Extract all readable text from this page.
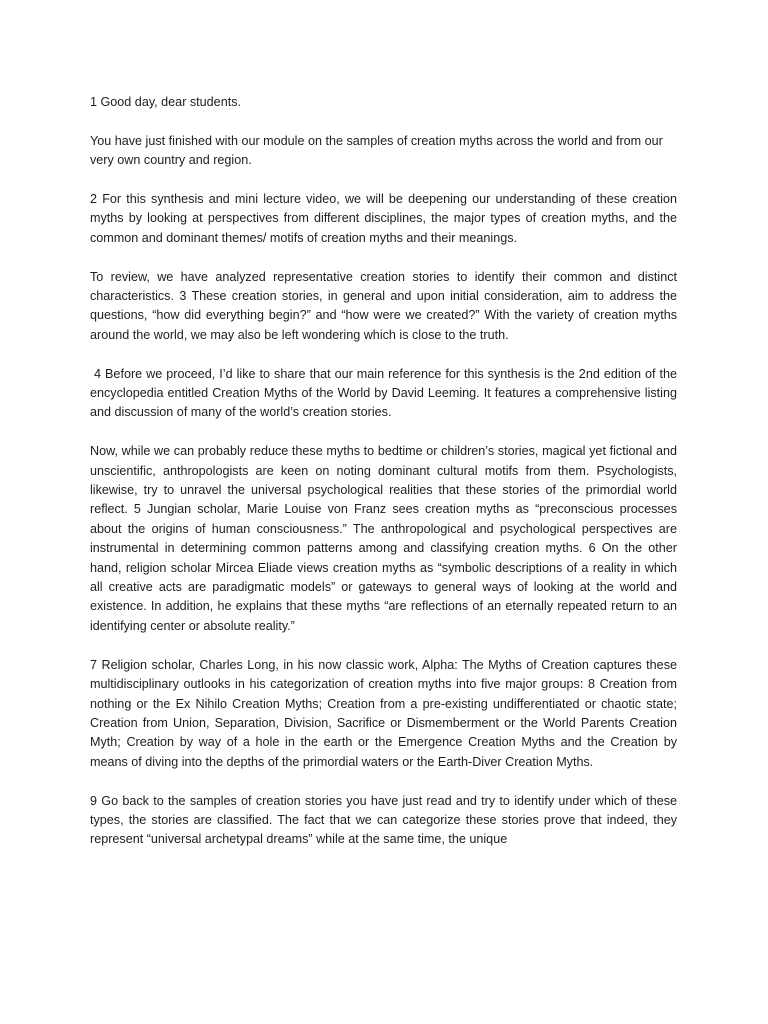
1 Good day, dear students.

You have just finished with our module on the samples of creation myths across the world and from our very own country and region.

2 For this synthesis and mini lecture video, we will be deepening our understanding of these creation myths by looking at perspectives from different disciplines, the major types of creation myths, and the common and dominant themes/ motifs of creation myths and their meanings.

To review, we have analyzed representative creation stories to identify their common and distinct characteristics. 3 These creation stories, in general and upon initial consideration, aim to address the questions, “how did everything begin?” and “how were we created?” With the variety of creation myths around the world, we may also be left wondering which is close to the truth.

4 Before we proceed, I’d like to share that our main reference for this synthesis is the 2nd edition of the encyclopedia entitled Creation Myths of the World by David Leeming. It features a comprehensive listing and discussion of many of the world’s creation stories.

Now, while we can probably reduce these myths to bedtime or children’s stories, magical yet fictional and unscientific, anthropologists are keen on noting dominant cultural motifs from them. Psychologists, likewise, try to unravel the universal psychological realities that these stories of the primordial world reflect. 5 Jungian scholar, Marie Louise von Franz sees creation myths as “preconscious processes about the origins of human consciousness.” The anthropological and psychological perspectives are instrumental in determining common patterns among and classifying creation myths. 6 On the other hand, religion scholar Mircea Eliade views creation myths as “symbolic descriptions of a reality in which all creative acts are paradigmatic models” or gateways to general ways of looking at the world and existence. In addition, he explains that these myths “are reflections of an eternally repeated return to an identifying center or absolute reality.”

7 Religion scholar, Charles Long, in his now classic work, Alpha: The Myths of Creation captures these multidisciplinary outlooks in his categorization of creation myths into five major groups: 8 Creation from nothing or the Ex Nihilo Creation Myths; Creation from a pre-existing undifferentiated or chaotic state; Creation from Union, Separation, Division, Sacrifice or Dismemberment or the World Parents Creation Myth; Creation by way of a hole in the earth or the Emergence Creation Myths and the Creation by means of diving into the depths of the primordial waters or the Earth-Diver Creation Myths.

9 Go back to the samples of creation stories you have just read and try to identify under which of these types, the stories are classified. The fact that we can categorize these stories prove that indeed, they represent “universal archetypal dreams” while at the same time, the unique
